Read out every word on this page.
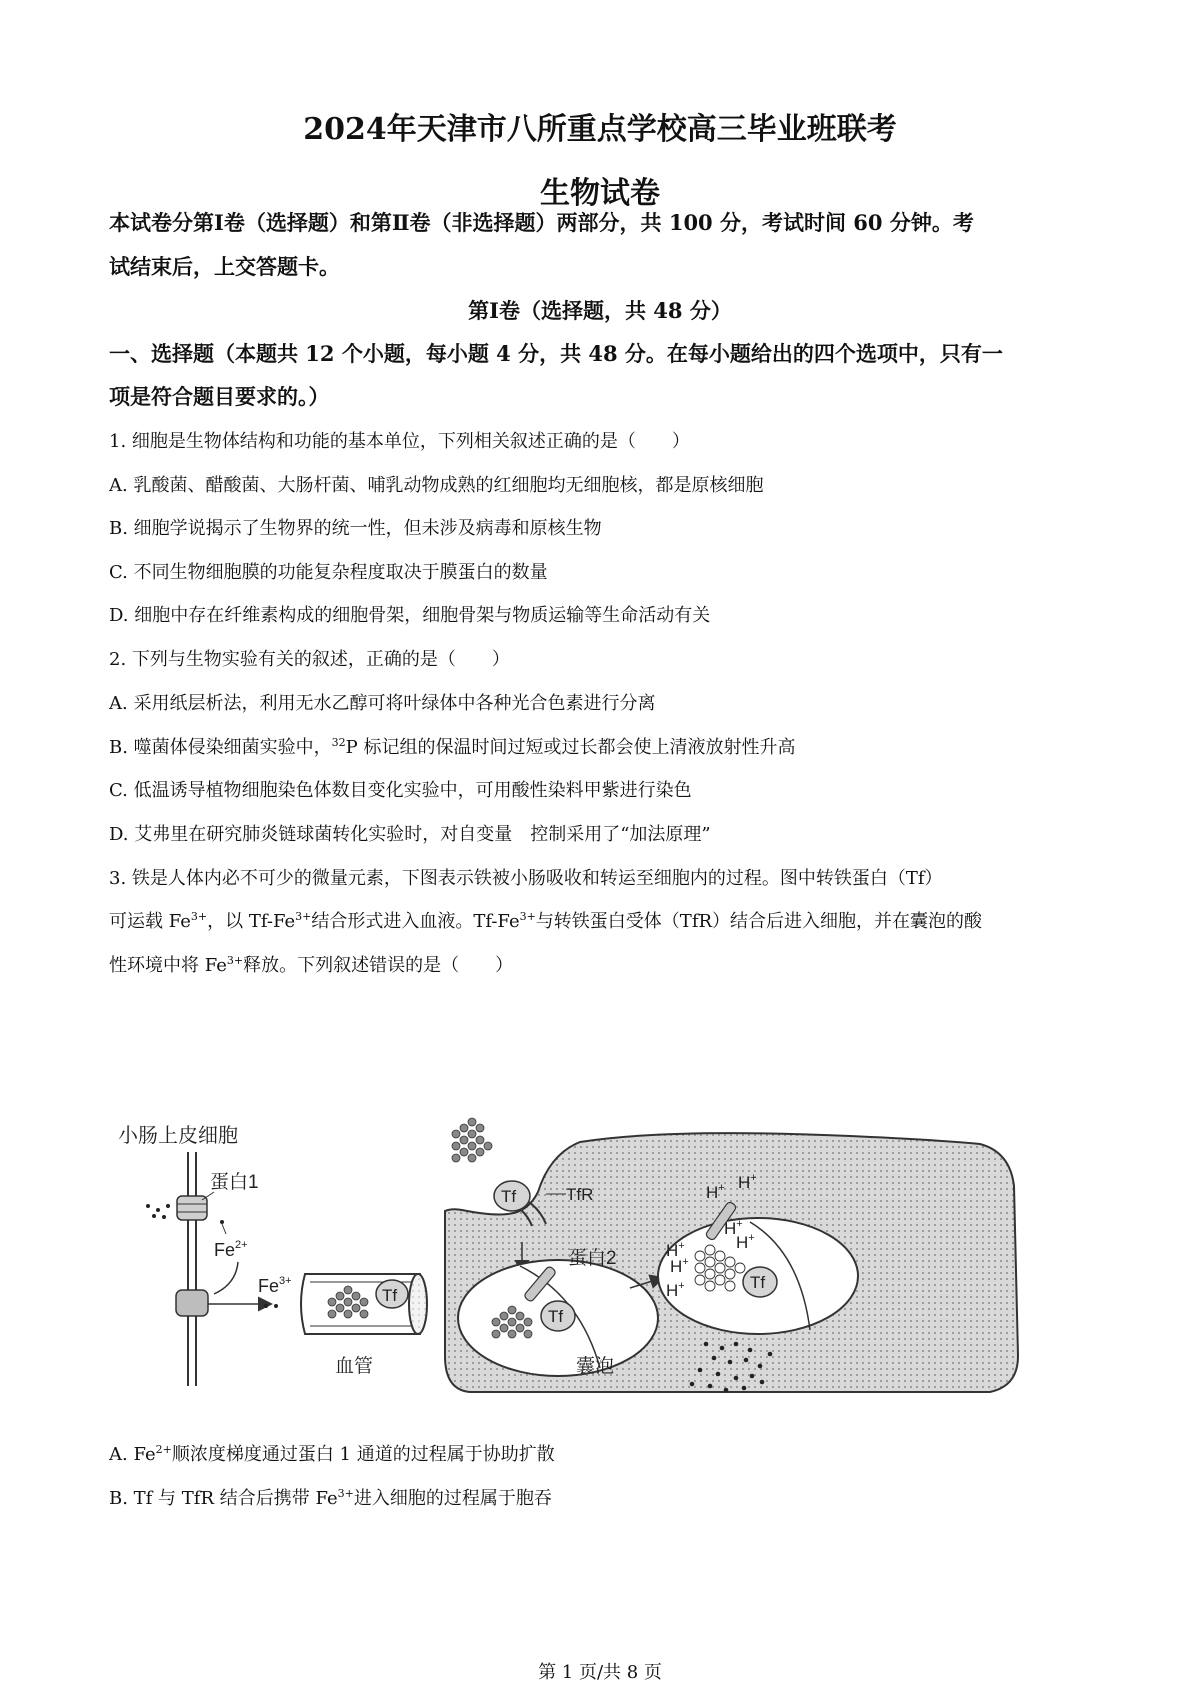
2024年天津市八所重点学校高三毕业班联考
生物试卷
本试卷分第Ⅰ卷（选择题）和第Ⅱ卷（非选择题）两部分，共 100 分，考试时间 60 分钟。考
试结束后，上交答题卡。
第Ⅰ卷（选择题，共 48 分）
一、选择题（本题共 12 个小题，每小题 4 分，共 48 分。在每小题给出的四个选项中，只有一
项是符合题目要求的。）
1. 细胞是生物体结构和功能的基本单位，下列相关叙述正确的是（　　）
A. 乳酸菌、醋酸菌、大肠杆菌、哺乳动物成熟的红细胞均无细胞核，都是原核细胞
B. 细胞学说揭示了生物界的统一性，但未涉及病毒和原核生物
C. 不同生物细胞膜的功能复杂程度取决于膜蛋白的数量
D. 细胞中存在纤维素构成的细胞骨架，细胞骨架与物质运输等生命活动有关
2. 下列与生物实验有关的叙述，正确的是（　　）
A. 采用纸层析法，利用无水乙醇可将叶绿体中各种光合色素进行分离
B. 噬菌体侵染细菌实验中，$^{32}$P 标记组的保温时间过短或过长都会使上清液放射性升高
C. 低温诱导植物细胞染色体数目变化实验中，可用酸性染料甲紫进行染色
D. 艾弗里在研究肺炎链球菌转化实验时，对自变量　控制采用了“加法原理”
3. 铁是人体内必不可少的微量元素，下图表示铁被小肠吸收和转运至细胞内的过程。图中转铁蛋白（Tf）
可运载 $Fe^{3+}$，以 $Tf-Fe^{3+}$结合形式进入血液。$Tf-Fe^{3+}$与转铁蛋白受体（TfR）结合后进入细胞，并在囊泡的酸
性环境中将 $Fe^{3+}$释放。下列叙述错误的是（　　）
小肠上皮细胞
蛋白1
$Fe^{2+}$
$Fe^{3+}$
Tf
血管
Tf	TfR
蛋白2
Tf
囊泡
Tf
H+ H+
H+
H+
H+
H+
H+
A. $Fe^{2+}$顺浓度梯度通过蛋白 1 通道的过程属于协助扩散
B. Tf 与 TfR 结合后携带 $Fe^{3+}$进入细胞的过程属于胞吞
第 1 页/共 8 页
